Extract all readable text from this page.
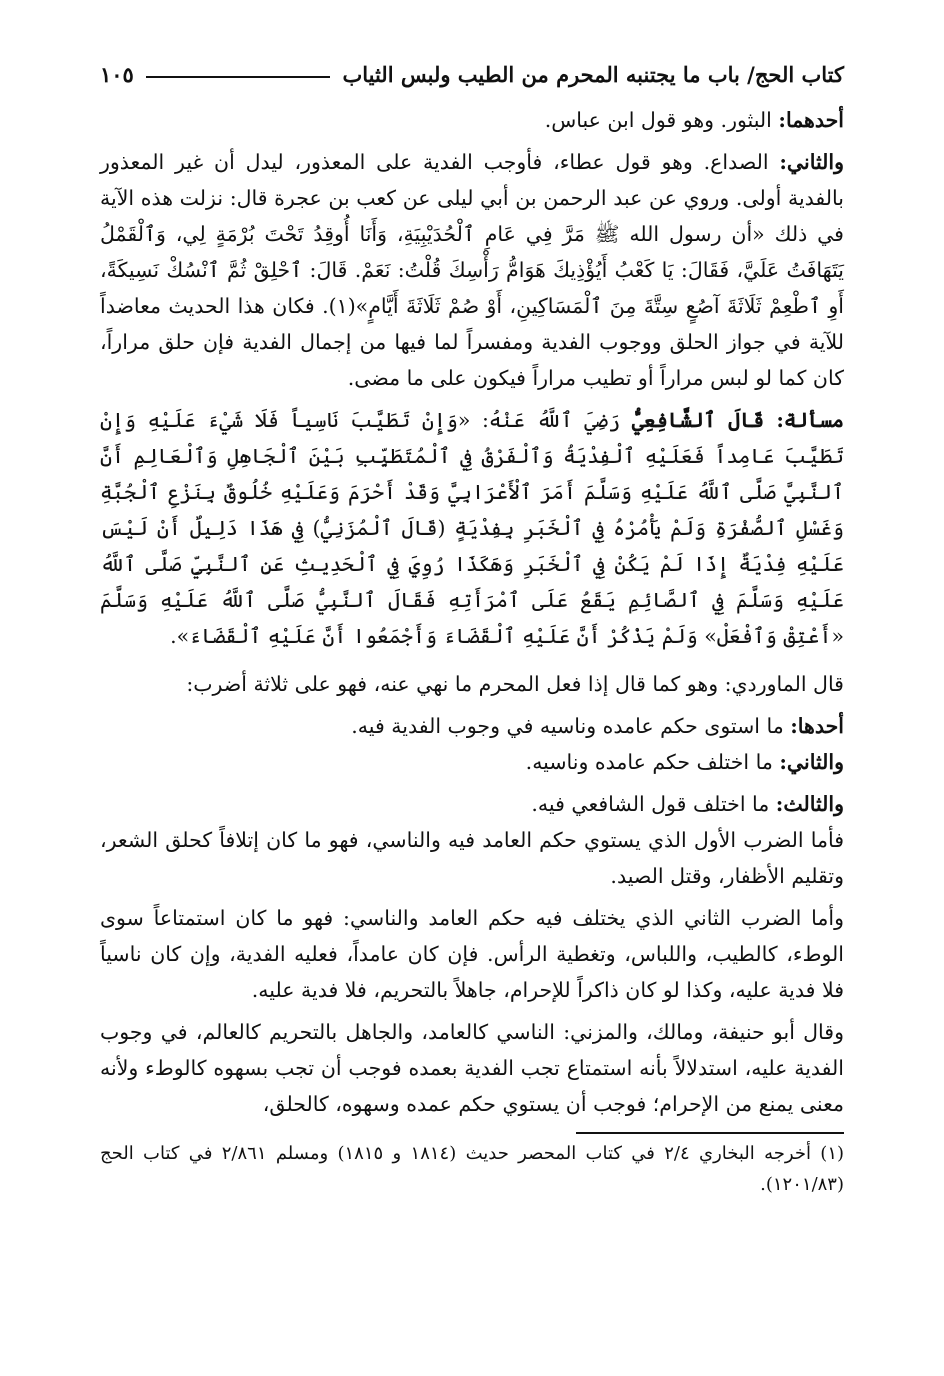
كتاب الحج/ باب ما يجتنبه المحرم من الطيب ولبس الثياب
١٠٥

أحدهما: البثور. وهو قول ابن عباس.

والثاني: الصداع. وهو قول عطاء، فأوجب الفدية على المعذور، ليدل أن غير المعذور بالفدية أولى. وروي عن عبد الرحمن بن أبي ليلى عن كعب بن عجرة قال: نزلت هذه الآية في ذلك «أن رسول الله ﷺ مَرَّ فِي عَامِ ٱلْحُدَيْبِيَةِ، وَأَنَا أُوقِدُ تَحْتَ بُرْمَةٍ لِي، وَٱلْقَمْلُ يَتَهَافَتُ عَلَيَّ، فَقَالَ: يَا كَعْبُ أَيُؤْذِيكَ هَوَامُّ رَأْسِكَ قُلْتُ: نَعَمْ. قَالَ: ٱحْلِقْ ثُمَّ ٱنْسُكْ نَسِيكَةً، أَوِ ٱطْعِمْ ثَلَاثَةَ آصُعٍ سِتَّةَ مِنَ ٱلْمَسَاكِينِ، أَوْ صُمْ ثَلَاثَةَ أَيَّامٍ»(١). فكان هذا الحديث معاضداً للآية في جواز الحلق ووجوب الفدية ومفسراً لما فيها من إجمال الفدية فإن حلق مراراً، كان كما لو لبس مراراً أو تطيب مراراً فيكون على ما مضى.

مسألة: قَالَ ٱلشَّافِعِيُّ رَضِيَ ٱللَّهُ عَنْهُ: «وَإِنْ تَطَيَّبَ نَاسِياً فَلَا شَيْءَ عَلَيْهِ وَإِنْ تَطَيَّبَ عَامِداً فَعَلَيْهِ ٱلْفِدْيَةُ وَٱلْفَرْقُ فِي ٱلْمُتَطَيِّبِ بَيْنَ ٱلْجَاهِلِ وَٱلْعَالِمِ أَنَّ ٱلنَّبِيَّ صَلَّى ٱللَّهُ عَلَيْهِ وَسَلَّمَ أَمَرَ ٱلْأَعْرَابِيَّ وَقَدْ أَحْرَمَ وَعَلَيْهِ خُلُوقٌ بِنَزْعِ ٱلْجُبَّةِ وَغَسْلِ ٱلصُّفْرَةِ وَلَمْ يَأْمُرْهُ فِي ٱلْخَبَرِ بِفِدْيَةٍ (قَالَ ٱلْمُزَنِيُّ) فِي هَذَا دَلِيلٌ أَنْ لَيْسَ عَلَيْهِ فِدْيَةٌ إِذَا لَمْ يَكُنْ فِي ٱلْخَبَرِ وَهَكَذَا رُوِيَ فِي ٱلْحَدِيثِ عَنِ ٱلنَّبِيِّ صَلَّى ٱللَّهُ عَلَيْهِ وَسَلَّمَ فِي ٱلصَّائِمِ يَقَعُ عَلَى ٱمْرَأَتِهِ فَقَالَ ٱلنَّبِيُّ صَلَّى ٱللَّهُ عَلَيْهِ وَسَلَّمَ «أَعْتِقْ وَٱفْعَلْ» وَلَمْ يَذْكُرْ أَنَّ عَلَيْهِ ٱلْقَضَاءَ وَأَجْمَعُوا أَنَّ عَلَيْهِ ٱلْقَضَاءَ».

قال الماوردي: وهو كما قال إذا فعل المحرم ما نهي عنه، فهو على ثلاثة أضرب:

أحدها: ما استوى حكم عامده وناسيه في وجوب الفدية فيه.

والثاني: ما اختلف حكم عامده وناسيه.

والثالث: ما اختلف قول الشافعي فيه.

فأما الضرب الأول الذي يستوي حكم العامد فيه والناسي، فهو ما كان إتلافاً كحلق الشعر، وتقليم الأظفار، وقتل الصيد.

وأما الضرب الثاني الذي يختلف فيه حكم العامد والناسي: فهو ما كان استمتاعاً سوى الوطء، كالطيب، واللباس، وتغطية الرأس. فإن كان عامداً، فعليه الفدية، وإن كان ناسياً فلا فدية عليه، وكذا لو كان ذاكراً للإحرام، جاهلاً بالتحريم، فلا فدية عليه.

وقال أبو حنيفة، ومالك، والمزني: الناسي كالعامد، والجاهل بالتحريم كالعالم، في وجوب الفدية عليه، استدلالاً بأنه استمتاع تجب الفدية بعمده فوجب أن تجب بسهوه كالوطء ولأنه معنى يمنع من الإحرام؛ فوجب أن يستوي حكم عمده وسهوه، كالحلق،

(١) أخرجه البخاري ٢/٤ في كتاب المحصر حديث (١٨١٤ و ١٨١٥) ومسلم ٢/٨٦١ في كتاب الحج (١٢٠١/٨٣).
